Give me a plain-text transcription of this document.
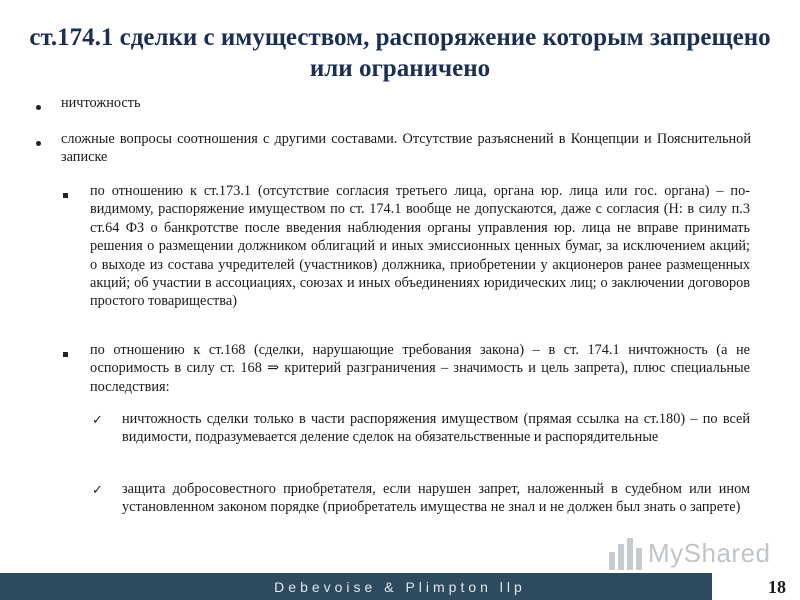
ст.174.1 сделки с имуществом, распоряжение которым запрещено или ограничено

ничтожность

сложные вопросы соотношения с другими составами. Отсутствие разъяснений в Концепции и Пояснительной записке

по отношению к ст.173.1 (отсутствие согласия третьего лица, органа юр. лица или гос. органа) – по-видимому, распоряжение имуществом по ст. 174.1 вообще не допускаются, даже с согласия (Н: в силу п.3 ст.64 ФЗ о банкротстве после введения наблюдения органы управления юр. лица не вправе принимать решения о размещении должником облигаций и иных эмиссионных ценных бумаг, за исключением акций; о выходе из состава учредителей (участников) должника, приобретении у акционеров ранее размещенных акций; об участии в ассоциациях, союзах и иных объединениях юридических лиц; о заключении договоров простого товарищества)

по отношению к ст.168 (сделки, нарушающие требования закона) – в ст. 174.1 ничтожность (а не оспоримость в силу ст. 168 ⇒ критерий разграничения – значимость и цель запрета), плюс специальные последствия:

✓ ничтожность сделки только в части распоряжения имуществом (прямая ссылка на ст.180) – по всей видимости, подразумевается деление сделок на обязательственные и распорядительные

✓ защита добросовестного приобретателя, если нарушен запрет, наложенный в судебном или ином установленном законом порядке (приобретатель имущества не знал и не должен был знать о запрете)

MyShared
Debevoise & Plimpton llp	18
